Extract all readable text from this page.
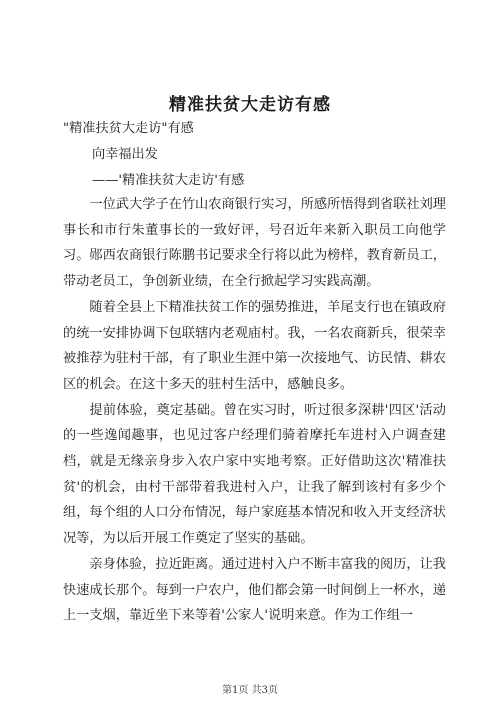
精准扶贫大走访有感
"精准扶贫大走访"有感
向幸福出发
——'精准扶贫大走访'有感

一位武大学子在竹山农商银行实习，所感所悟得到省联社刘理事长和市行朱董事长的一致好评，号召近年来新入职员工向他学习。郧西农商银行陈鹏书记要求全行将以此为榜样，教育新员工，带动老员工，争创新业绩，在全行掀起学习实践高潮。

随着全县上下精准扶贫工作的强势推进，羊尾支行也在镇政府的统一安排协调下包联辖内老观庙村。我，一名农商新兵，很荣幸被推荐为驻村干部，有了职业生涯中第一次接地气、访民情、耕农区的机会。在这十多天的驻村生活中，感触良多。

提前体验，奠定基础。曾在实习时，听过很多深耕'四区'活动的一些逸闻趣事，也见过客户经理们骑着摩托车进村入户调查建档，就是无缘亲身步入农户家中实地考察。正好借助这次'精准扶贫'的机会，由村干部带着我进村入户，让我了解到该村有多少个组，每个组的人口分布情况，每户家庭基本情况和收入开支经济状况等，为以后开展工作奠定了坚实的基础。

亲身体验，拉近距离。通过进村入户不断丰富我的阅历，让我快速成长那个。每到一户农户，他们都会第一时间倒上一杯水，递上一支烟，靠近坐下来等着'公家人'说明来意。作为工作组一

第1页 共3页
